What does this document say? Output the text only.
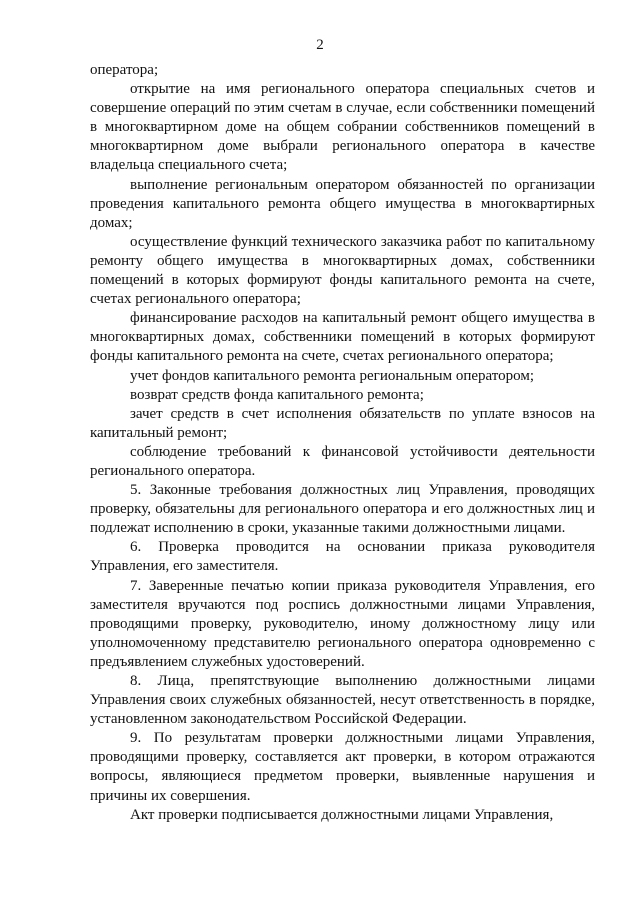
2

оператора;

открытие на имя регионального оператора специальных счетов и совершение операций по этим счетам в случае, если собственники помещений в многоквартирном доме на общем собрании собственников помещений в многоквартирном доме выбрали регионального оператора в качестве владельца специального счета;

выполнение региональным оператором обязанностей по организации проведения капитального ремонта общего имущества в многоквартирных домах;

осуществление функций технического заказчика работ по капитальному ремонту общего имущества в многоквартирных домах, собственники помещений в которых формируют фонды капитального ремонта на счете, счетах регионального оператора;

финансирование расходов на капитальный ремонт общего имущества в многоквартирных домах, собственники помещений в которых формируют фонды капитального ремонта на счете, счетах регионального оператора;

учет фондов капитального ремонта региональным оператором;

возврат средств фонда капитального ремонта;

зачет средств в счет исполнения обязательств по уплате взносов на капитальный ремонт;

соблюдение требований к финансовой устойчивости деятельности регионального оператора.

5. Законные требования должностных лиц Управления, проводящих проверку, обязательны для регионального оператора и его должностных лиц и подлежат исполнению в сроки, указанные такими должностными лицами.

6. Проверка проводится на основании приказа руководителя Управления, его заместителя.

7. Заверенные печатью копии приказа руководителя Управления, его заместителя вручаются под роспись должностными лицами Управления, проводящими проверку, руководителю, иному должностному лицу или уполномоченному представителю регионального оператора одновременно с предъявлением служебных удостоверений.

8. Лица, препятствующие выполнению должностными лицами Управления своих служебных обязанностей, несут ответственность в порядке, установленном законодательством Российской Федерации.

9. По результатам проверки должностными лицами Управления, проводящими проверку, составляется акт проверки, в котором отражаются вопросы, являющиеся предметом проверки, выявленные нарушения и причины их совершения.

Акт проверки подписывается должностными лицами Управления,
